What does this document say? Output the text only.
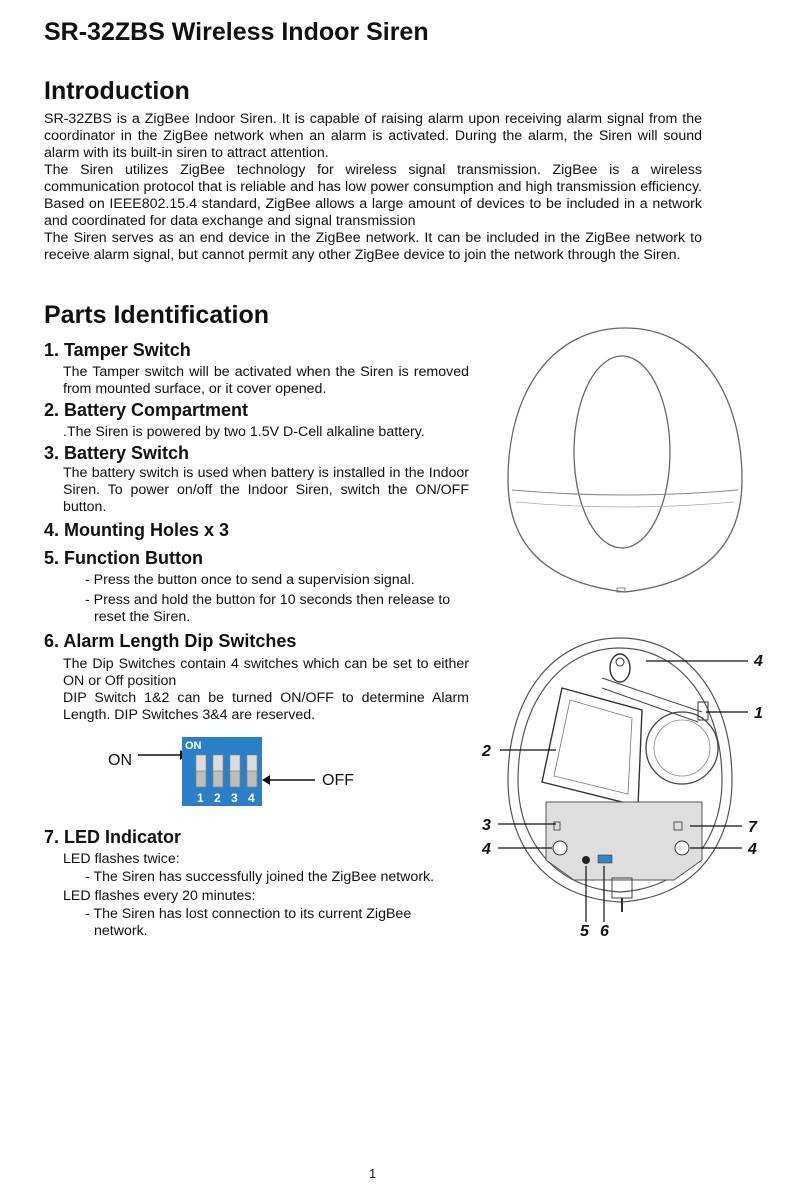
SR-32ZBS Wireless Indoor Siren
Introduction

SR-32ZBS is a ZigBee Indoor Siren. It is capable of raising alarm upon receiving alarm signal from the coordinator in the ZigBee network when an alarm is activated. During the alarm, the Siren will sound alarm with its built-in siren to attract attention.

The Siren utilizes ZigBee technology for wireless signal transmission. ZigBee is a wireless communication protocol that is reliable and has low power consumption and high transmission efficiency. Based on IEEE802.15.4 standard, ZigBee allows a large amount of devices to be included in a network and coordinated for data exchange and signal transmission

The Siren serves as an end device in the ZigBee network. It can be included in the ZigBee network to receive alarm signal, but cannot permit any other ZigBee device to join the network through the Siren.

Parts Identification
1. Tamper Switch

The Tamper switch will be activated when the Siren is removed from mounted surface, or it cover opened.

2. Battery Compartment

.The Siren is powered by two 1.5V D-Cell alkaline battery.

3. Battery Switch

The battery switch is used when battery is installed in the Indoor Siren. To power on/off the Indoor Siren, switch the ON/OFF button.

4. Mounting Holes x 3
5. Function Button

- Press the button once to send a supervision signal.

- Press and hold the button for 10 seconds then release to reset the Siren.

6. Alarm Length Dip Switches

The Dip Switches contain 4 switches which can be set to either ON or Off position

DIP Switch 1&2 can be turned ON/OFF to determine Alarm Length. DIP Switches 3&4 are reserved.

ON
OFF
ON
1 2 3 4
7. LED Indicator

LED flashes twice:

- The Siren has successfully joined the ZigBee network.

LED flashes every 20 minutes:

- The Siren has lost connection to its current ZigBee network.

4
1
2
3
4
7
4
5 6
1
